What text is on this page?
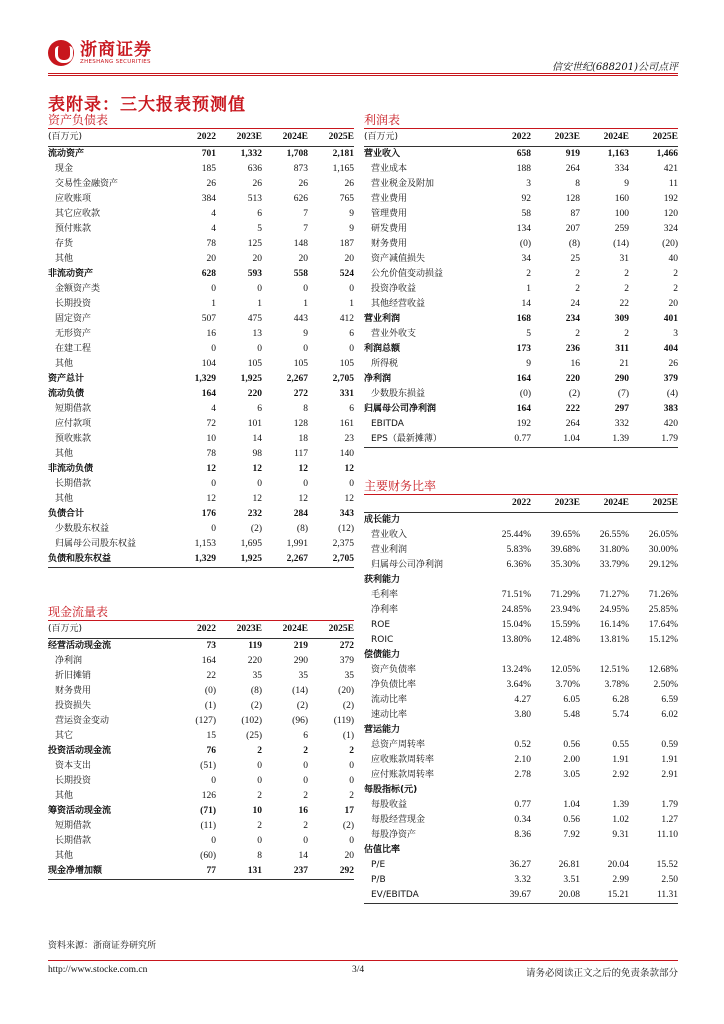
浙商证券
ZHESHANG SECURITIES	信安世纪(688201)公司点评
表附录：三大报表预测值
资产负债表
(百万元)	2022	2023E	2024E	2025E
流动资产	701	1,332	1,708	2,181
现金	185	636	873	1,165
交易性金融资产	26	26	26	26
应收账项	384	513	626	765
其它应收款	4	6	7	9
预付账款	4	5	7	9
存货	78	125	148	187
其他	20	20	20	20
非流动资产	628	593	558	524
金额资产类	0	0	0	0
长期投资	1	1	1	1
固定资产	507	475	443	412
无形资产	16	13	9	6
在建工程	0	0	0	0
其他	104	105	105	105
资产总计	1,329	1,925	2,267	2,705
流动负债	164	220	272	331
短期借款	4	6	8	6
应付款项	72	101	128	161
预收账款	10	14	18	23
其他	78	98	117	140
非流动负债	12	12	12	12
长期借款	0	0	0	0
其他	12	12	12	12
负债合计	176	232	284	343
少数股东权益	0	(2)	(8)	(12)
归属母公司股东权益	1,153	1,695	1,991	2,375
负债和股东权益	1,329	1,925	2,267	2,705
现金流量表
(百万元)	2022	2023E	2024E	2025E
经营活动现金流	73	119	219	272
净利润	164	220	290	379
折旧摊销	22	35	35	35
财务费用	(0)	(8)	(14)	(20)
投资损失	(1)	(2)	(2)	(2)
营运资金变动	(127)	(102)	(96)	(119)
其它	15	(25)	6	(1)
投资活动现金流	76	2	2	2
资本支出	(51)	0	0	0
长期投资	0	0	0	0
其他	126	2	2	2
筹资活动现金流	(71)	10	16	17
短期借款	(11)	2	2	(2)
长期借款	0	0	0	0
其他	(60)	8	14	20
现金净增加额	77	131	237	292
利润表
(百万元)	2022	2023E	2024E	2025E
营业收入	658	919	1,163	1,466
营业成本	188	264	334	421
营业税金及附加	3	8	9	11
营业费用	92	128	160	192
管理费用	58	87	100	120
研发费用	134	207	259	324
财务费用	(0)	(8)	(14)	(20)
资产减值损失	34	25	31	40
公允价值变动损益	2	2	2	2
投资净收益	1	2	2	2
其他经营收益	14	24	22	20
营业利润	168	234	309	401
营业外收支	5	2	2	3
利润总额	173	236	311	404
所得税	9	16	21	26
净利润	164	220	290	379
少数股东损益	(0)	(2)	(7)	(4)
归属母公司净利润	164	222	297	383
EBITDA	192	264	332	420
EPS（最新摊薄）	0.77	1.04	1.39	1.79
主要财务比率
	2022	2023E	2024E	2025E
成长能力				
营业收入	25.44%	39.65%	26.55%	26.05%
营业利润	5.83%	39.68%	31.80%	30.00%
归属母公司净利润	6.36%	35.30%	33.79%	29.12%
获利能力				
毛利率	71.51%	71.29%	71.27%	71.26%
净利率	24.85%	23.94%	24.95%	25.85%
ROE	15.04%	15.59%	16.14%	17.64%
ROIC	13.80%	12.48%	13.81%	15.12%
偿债能力				
资产负债率	13.24%	12.05%	12.51%	12.68%
净负债比率	3.64%	3.70%	3.78%	2.50%
流动比率	4.27	6.05	6.28	6.59
速动比率	3.80	5.48	5.74	6.02
营运能力				
总资产周转率	0.52	0.56	0.55	0.59
应收账款周转率	2.10	2.00	1.91	1.91
应付账款周转率	2.78	3.05	2.92	2.91
每股指标(元)				
每股收益	0.77	1.04	1.39	1.79
每股经营现金	0.34	0.56	1.02	1.27
每股净资产	8.36	7.92	9.31	11.10
估值比率				
P/E	36.27	26.81	20.04	15.52
P/B	3.32	3.51	2.99	2.50
EV/EBITDA	39.67	20.08	15.21	11.31
资料来源：浙商证券研究所
http://www.stocke.com.cn	3/4	请务必阅读正文之后的免责条款部分
